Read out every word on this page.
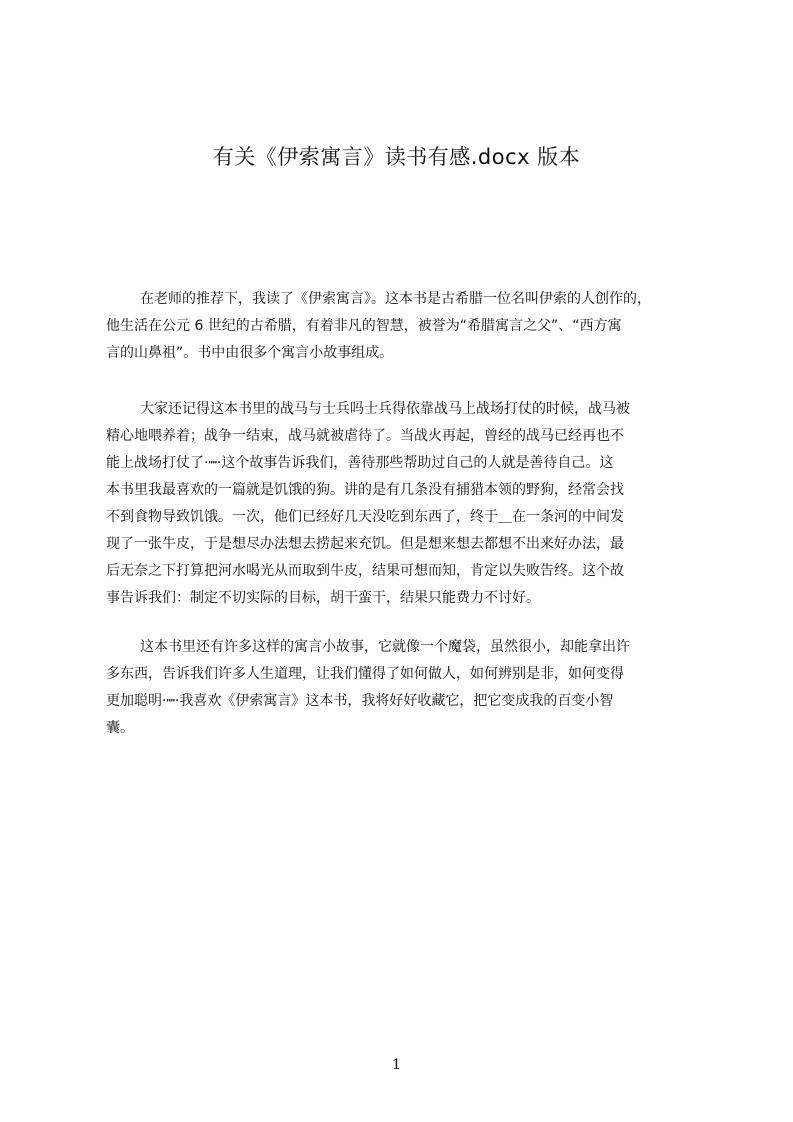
有关《伊索寓言》读书有感.docx 版本
在老师的推荐下，我读了《伊索寓言》。这本书是古希腊一位名叫伊索的人创作的，
他生活在公元 6 世纪的古希腊，有着非凡的智慧，被誉为“希腊寓言之父”、“西方寓
言的山鼻祖”。书中由很多个寓言小故事组成。
大家还记得这本书里的战马与士兵吗士兵得依靠战马上战场打仗的时候，战马被
精心地喂养着；战争一结束，战马就被虐待了。当战火再起，曾经的战马已经再也不
能上战场打仗了·┉·这个故事告诉我们，善待那些帮助过自己的人就是善待自己。这
本书里我最喜欢的一篇就是饥饿的狗。讲的是有几条没有捕猎本领的野狗，经常会找
不到食物导致饥饿。一次，他们已经好几天没吃到东西了，终于＿在一条河的中间发
现了一张牛皮，于是想尽办法想去捞起来充饥。但是想来想去都想不出来好办法，最
后无奈之下打算把河水喝光从而取到牛皮，结果可想而知，肯定以失败告终。这个故
事告诉我们：制定不切实际的目标，胡干蛮干，结果只能费力不讨好。
这本书里还有许多这样的寓言小故事，它就像一个魔袋，虽然很小，却能拿出许
多东西，告诉我们许多人生道理，让我们懂得了如何做人，如何辨别是非，如何变得
更加聪明·┉·我喜欢《伊索寓言》这本书，我将好好收藏它，把它变成我的百变小智
囊。
1
